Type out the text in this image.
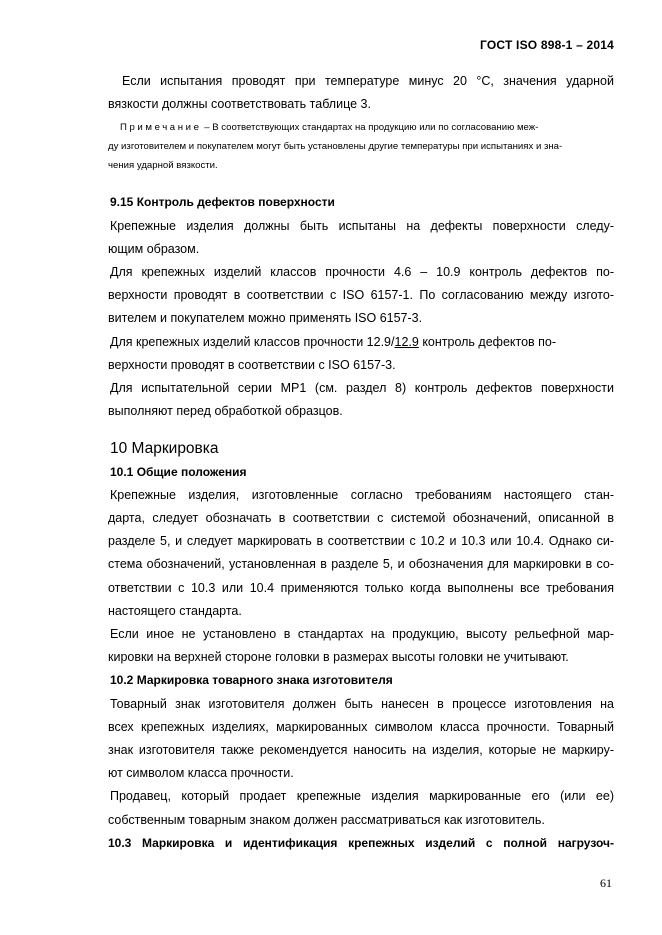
ГОСТ ISO 898-1 – 2014
Если испытания проводят при температуре минус 20 °С, значения ударной
вязкости должны соответствовать таблице 3.
Примечание – В соответствующих стандартах на продукцию или по согласованию меж-
ду изготовителем и покупателем могут быть установлены другие температуры при испытаниях и зна-
чения ударной вязкости.
9.15 Контроль дефектов поверхности
Крепежные изделия должны быть испытаны на дефекты поверхности следу-
ющим образом.
Для крепежных изделий классов прочности 4.6 – 10.9 контроль дефектов по-
верхности проводят в соответствии с ISO 6157-1. По согласованию между изгото-
вителем и покупателем можно применять ISO 6157-3.
Для крепежных изделий классов прочности 12.9/12.9 контроль дефектов по-
верхности проводят в соответствии с ISO 6157-3.
Для испытательной серии МР1 (см. раздел 8) контроль дефектов поверхности
выполняют перед обработкой образцов.
10 Маркировка
10.1 Общие положения
Крепежные изделия, изготовленные согласно требованиям настоящего стан-
дарта, следует обозначать в соответствии с системой обозначений, описанной в
разделе 5, и следует маркировать в соответствии с 10.2 и 10.3 или 10.4. Однако си-
стема обозначений, установленная в разделе 5, и обозначения для маркировки в со-
ответствии с 10.3 или 10.4 применяются только когда выполнены все требования
настоящего стандарта.
Если иное не установлено в стандартах на продукцию, высоту рельефной мар-
кировки на верхней стороне головки в размерах высоты головки не учитывают.
10.2 Маркировка товарного знака изготовителя
Товарный знак изготовителя должен быть нанесен в процессе изготовления на
всех крепежных изделиях, маркированных символом класса прочности. Товарный
знак изготовителя также рекомендуется наносить на изделия, которые не маркиру-
ют символом класса прочности.
Продавец, который продает крепежные изделия маркированные его (или ее)
собственным товарным знаком должен рассматриваться как изготовитель.
10.3 Маркировка и идентификация крепежных изделий с полной нагрузоч-
61
